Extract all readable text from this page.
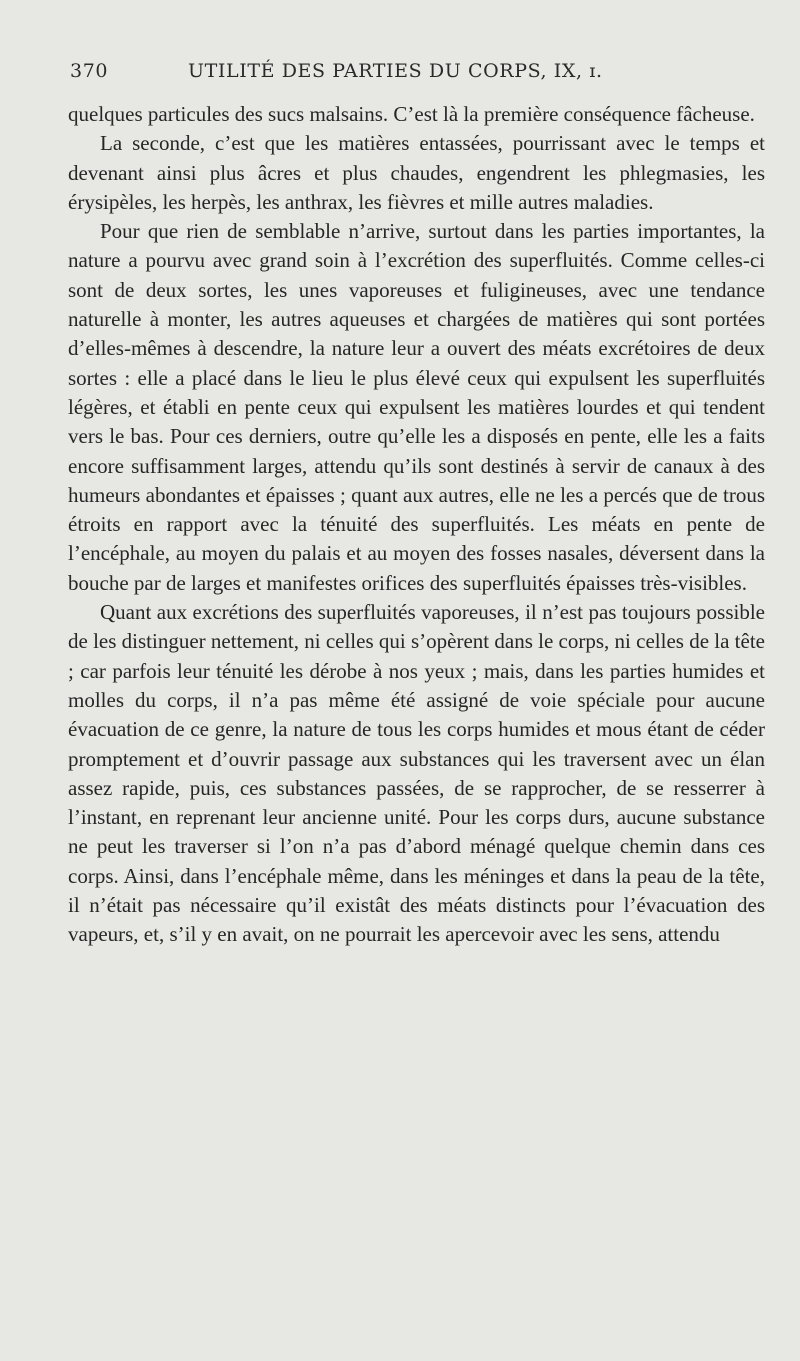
370	UTILITÉ DES PARTIES DU CORPS, IX, ɪ.

quelques particules des sucs malsains. C’est là la première conséquence fâcheuse.

La seconde, c’est que les matières entassées, pourrissant avec le temps et devenant ainsi plus âcres et plus chaudes, engendrent les phlegmasies, les érysipèles, les herpès, les anthrax, les fièvres et mille autres maladies.

Pour que rien de semblable n’arrive, surtout dans les parties importantes, la nature a pourvu avec grand soin à l’excrétion des superfluités. Comme celles-ci sont de deux sortes, les unes vaporeuses et fuligineuses, avec une tendance naturelle à monter, les autres aqueuses et chargées de matières qui sont portées d’elles-mêmes à descendre, la nature leur a ouvert des méats excrétoires de deux sortes : elle a placé dans le lieu le plus élevé ceux qui expulsent les superfluités légères, et établi en pente ceux qui expulsent les matières lourdes et qui tendent vers le bas. Pour ces derniers, outre qu’elle les a disposés en pente, elle les a faits encore suffisamment larges, attendu qu’ils sont destinés à servir de canaux à des humeurs abondantes et épaisses ; quant aux autres, elle ne les a percés que de trous étroits en rapport avec la ténuité des superfluités. Les méats en pente de l’encéphale, au moyen du palais et au moyen des fosses nasales, déversent dans la bouche par de larges et manifestes orifices des superfluités épaisses très-visibles.

Quant aux excrétions des superfluités vaporeuses, il n’est pas toujours possible de les distinguer nettement, ni celles qui s’opèrent dans le corps, ni celles de la tête ; car parfois leur ténuité les dérobe à nos yeux ; mais, dans les parties humides et molles du corps, il n’a pas même été assigné de voie spéciale pour aucune évacuation de ce genre, la nature de tous les corps humides et mous étant de céder promptement et d’ouvrir passage aux substances qui les traversent avec un élan assez rapide, puis, ces substances passées, de se rapprocher, de se resserrer à l’instant, en reprenant leur ancienne unité. Pour les corps durs, aucune substance ne peut les traverser si l’on n’a pas d’abord ménagé quelque chemin dans ces corps. Ainsi, dans l’encéphale même, dans les méninges et dans la peau de la tête, il n’était pas nécessaire qu’il existât des méats distincts pour l’évacuation des vapeurs, et, s’il y en avait, on ne pourrait les apercevoir avec les sens, attendu
